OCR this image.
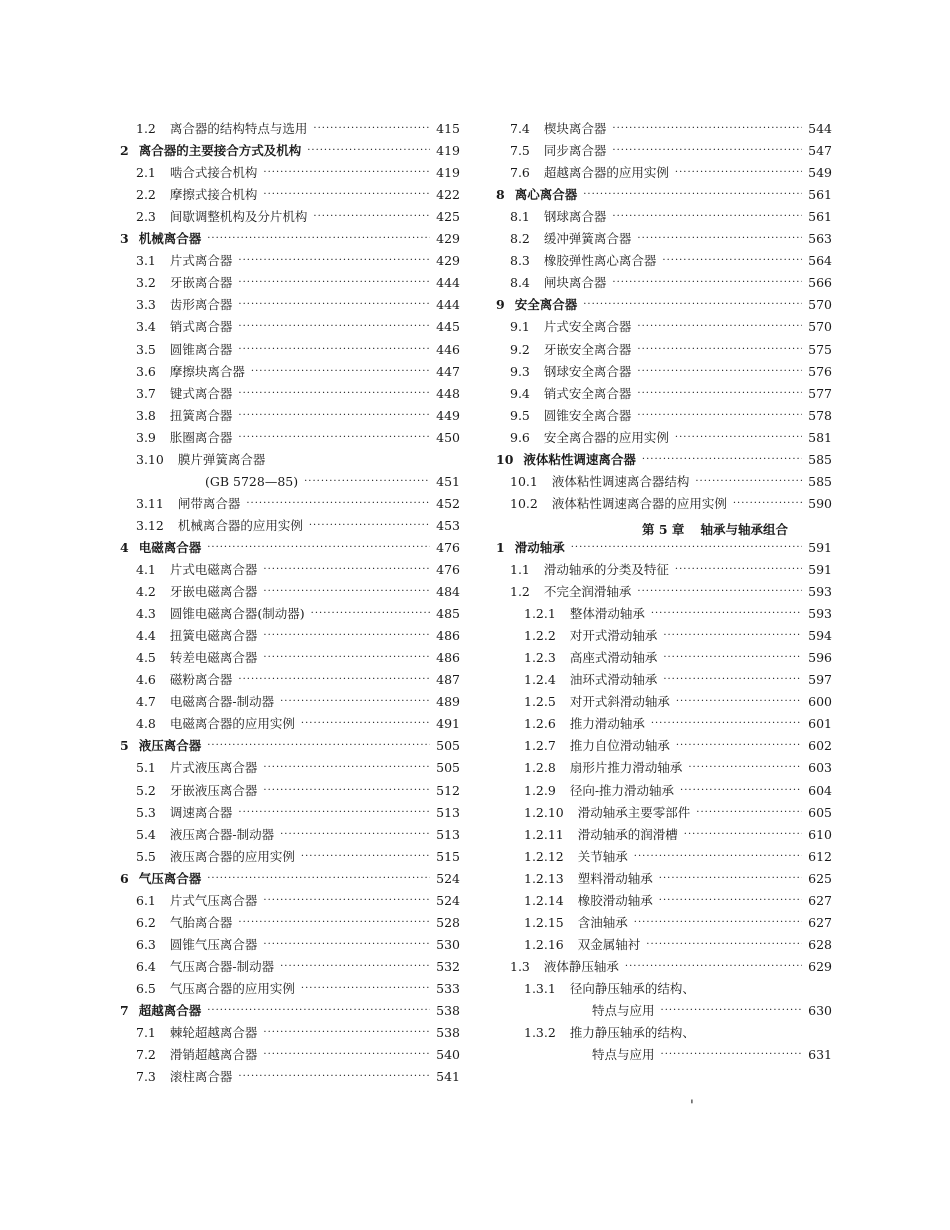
1.2 离合器的结构特点与选用 ·····	415
2 离合器的主要接合方式及机构 ·····	419
2.1 啮合式接合机构 ·····	419
2.2 摩擦式接合机构 ·····	422
2.3 间歇调整机构及分片机构 ·····	425
3 机械离合器 ·····	429
3.1 片式离合器 ·····	429
3.2 牙嵌离合器 ·····	444
3.3 齿形离合器 ·····	444
3.4 销式离合器 ·····	445
3.5 圆锥离合器 ·····	446
3.6 摩擦块离合器 ·····	447
3.7 键式离合器 ·····	448
3.8 扭簧离合器 ·····	449
3.9 胀圈离合器 ·····	450
3.10 膜片弹簧离合器
(GB 5728—85) ·····	451
3.11 闸带离合器 ·····	452
3.12 机械离合器的应用实例 ·····	453
4 电磁离合器 ·····	476
4.1 片式电磁离合器 ·····	476
4.2 牙嵌电磁离合器 ·····	484
4.3 圆锥电磁离合器(制动器) ·····	485
4.4 扭簧电磁离合器 ·····	486
4.5 转差电磁离合器 ·····	486
4.6 磁粉离合器 ·····	487
4.7 电磁离合器-制动器 ·····	489
4.8 电磁离合器的应用实例 ·····	491
5 液压离合器 ·····	505
5.1 片式液压离合器 ·····	505
5.2 牙嵌液压离合器 ·····	512
5.3 调速离合器 ·····	513
5.4 液压离合器-制动器 ·····	513
5.5 液压离合器的应用实例 ·····	515
6 气压离合器 ·····	524
6.1 片式气压离合器 ·····	524
6.2 气胎离合器 ·····	528
6.3 圆锥气压离合器 ·····	530
6.4 气压离合器-制动器 ·····	532
6.5 气压离合器的应用实例 ·····	533
7 超越离合器 ·····	538
7.1 棘轮超越离合器 ·····	538
7.2 滑销超越离合器 ·····	540
7.3 滚柱离合器 ·····	541
7.4 楔块离合器 ·····	544
7.5 同步离合器 ·····	547
7.6 超越离合器的应用实例 ·····	549
8 离心离合器 ·····	561
8.1 钢球离合器 ·····	561
8.2 缓冲弹簧离合器 ·····	563
8.3 橡胶弹性离心离合器 ·····	564
8.4 闸块离合器 ·····	566
9 安全离合器 ·····	570
9.1 片式安全离合器 ·····	570
9.2 牙嵌安全离合器 ·····	575
9.3 钢球安全离合器 ·····	576
9.4 销式安全离合器 ·····	577
9.5 圆锥安全离合器 ·····	578
9.6 安全离合器的应用实例 ·····	581
10 液体粘性调速离合器 ·····	585
10.1 液体粘性调速离合器结构 ·····	585
10.2 液体粘性调速离合器的应用实例 ·····	590
第 5 章 轴承与轴承组合
1 滑动轴承 ·····	591
1.1 滑动轴承的分类及特征 ·····	591
1.2 不完全润滑轴承 ·····	593
1.2.1 整体滑动轴承 ·····	593
1.2.2 对开式滑动轴承 ·····	594
1.2.3 高座式滑动轴承 ·····	596
1.2.4 油环式滑动轴承 ·····	597
1.2.5 对开式斜滑动轴承 ·····	600
1.2.6 推力滑动轴承 ·····	601
1.2.7 推力自位滑动轴承 ·····	602
1.2.8 扇形片推力滑动轴承 ·····	603
1.2.9 径向-推力滑动轴承 ·····	604
1.2.10 滑动轴承主要零部件 ·····	605
1.2.11 滑动轴承的润滑槽 ·····	610
1.2.12 关节轴承 ·····	612
1.2.13 塑料滑动轴承 ·····	625
1.2.14 橡胶滑动轴承 ·····	627
1.2.15 含油轴承 ·····	627
1.2.16 双金属轴衬 ·····	628
1.3 液体静压轴承 ·····	629
1.3.1 径向静压轴承的结构、
特点与应用 ·····	630
1.3.2 推力静压轴承的结构、
特点与应用 ·····	631
'
